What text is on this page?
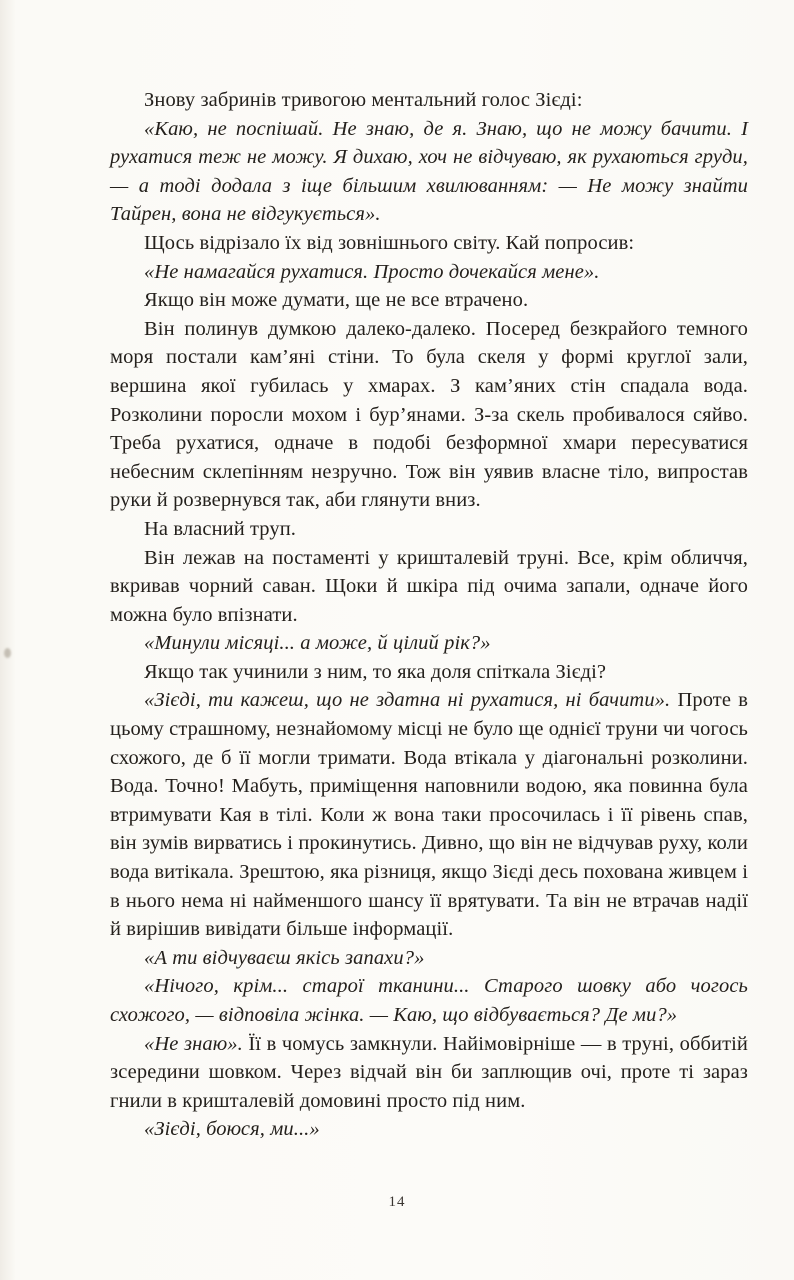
Знову забринів тривогою ментальний голос Зієді:

«Каю, не поспішай. Не знаю, де я. Знаю, що не можу бачити. І рухатися теж не можу. Я дихаю, хоч не відчуваю, як рухаються груди, — а тоді додала з іще більшим хвилюванням: — Не можу знайти Тайрен, вона не відгукується».

Щось відрізало їх від зовнішнього світу. Кай попросив:

«Не намагайся рухатися. Просто дочекайся мене».

Якщо він може думати, ще не все втрачено.

Він полинув думкою далеко-далеко. Посеред безкрайого темного моря постали кам’яні стіни. То була скеля у формі круглої зали, вершина якої губилась у хмарах. З кам’яних стін спадала вода. Розколини поросли мохом і бур’янами. З-за скель пробивалося сяйво. Треба рухатися, одначе в подобі безформної хмари пересуватися небесним склепінням незручно. Тож він уявив власне тіло, випростав руки й розвернувся так, аби глянути вниз.

На власний труп.

Він лежав на постаменті у кришталевій труні. Все, крім обличчя, вкривав чорний саван. Щоки й шкіра під очима запали, одначе його можна було впізнати.

«Минули місяці... а може, й цілий рік?»

Якщо так учинили з ним, то яка доля спіткала Зієді?

«Зієді, ти кажеш, що не здатна ні рухатися, ні бачити». Проте в цьому страшному, незнайомому місці не було ще однієї труни чи чогось схожого, де б її могли тримати. Вода втікала у діагональні розколини. Вода. Точно! Мабуть, приміщення наповнили водою, яка повинна була втримувати Кая в тілі. Коли ж вона таки просочилась і її рівень спав, він зумів вирватись і прокинутись. Дивно, що він не відчував руху, коли вода витікала. Зрештою, яка різниця, якщо Зієді десь похована живцем і в нього нема ні найменшого шансу її врятувати. Та він не втрачав надії й вирішив вивідати більше інформації.

«А ти відчуваєш якісь запахи?»

«Нічого, крім... старої тканини... Старого шовку або чогось схожого, — відповіла жінка. — Каю, що відбувається? Де ми?»

«Не знаю». Її в чомусь замкнули. Найімовірніше — в труні, оббитій зсередини шовком. Через відчай він би заплющив очі, проте ті зараз гнили в кришталевій домовині просто під ним.

«Зієді, боюся, ми...»

14
